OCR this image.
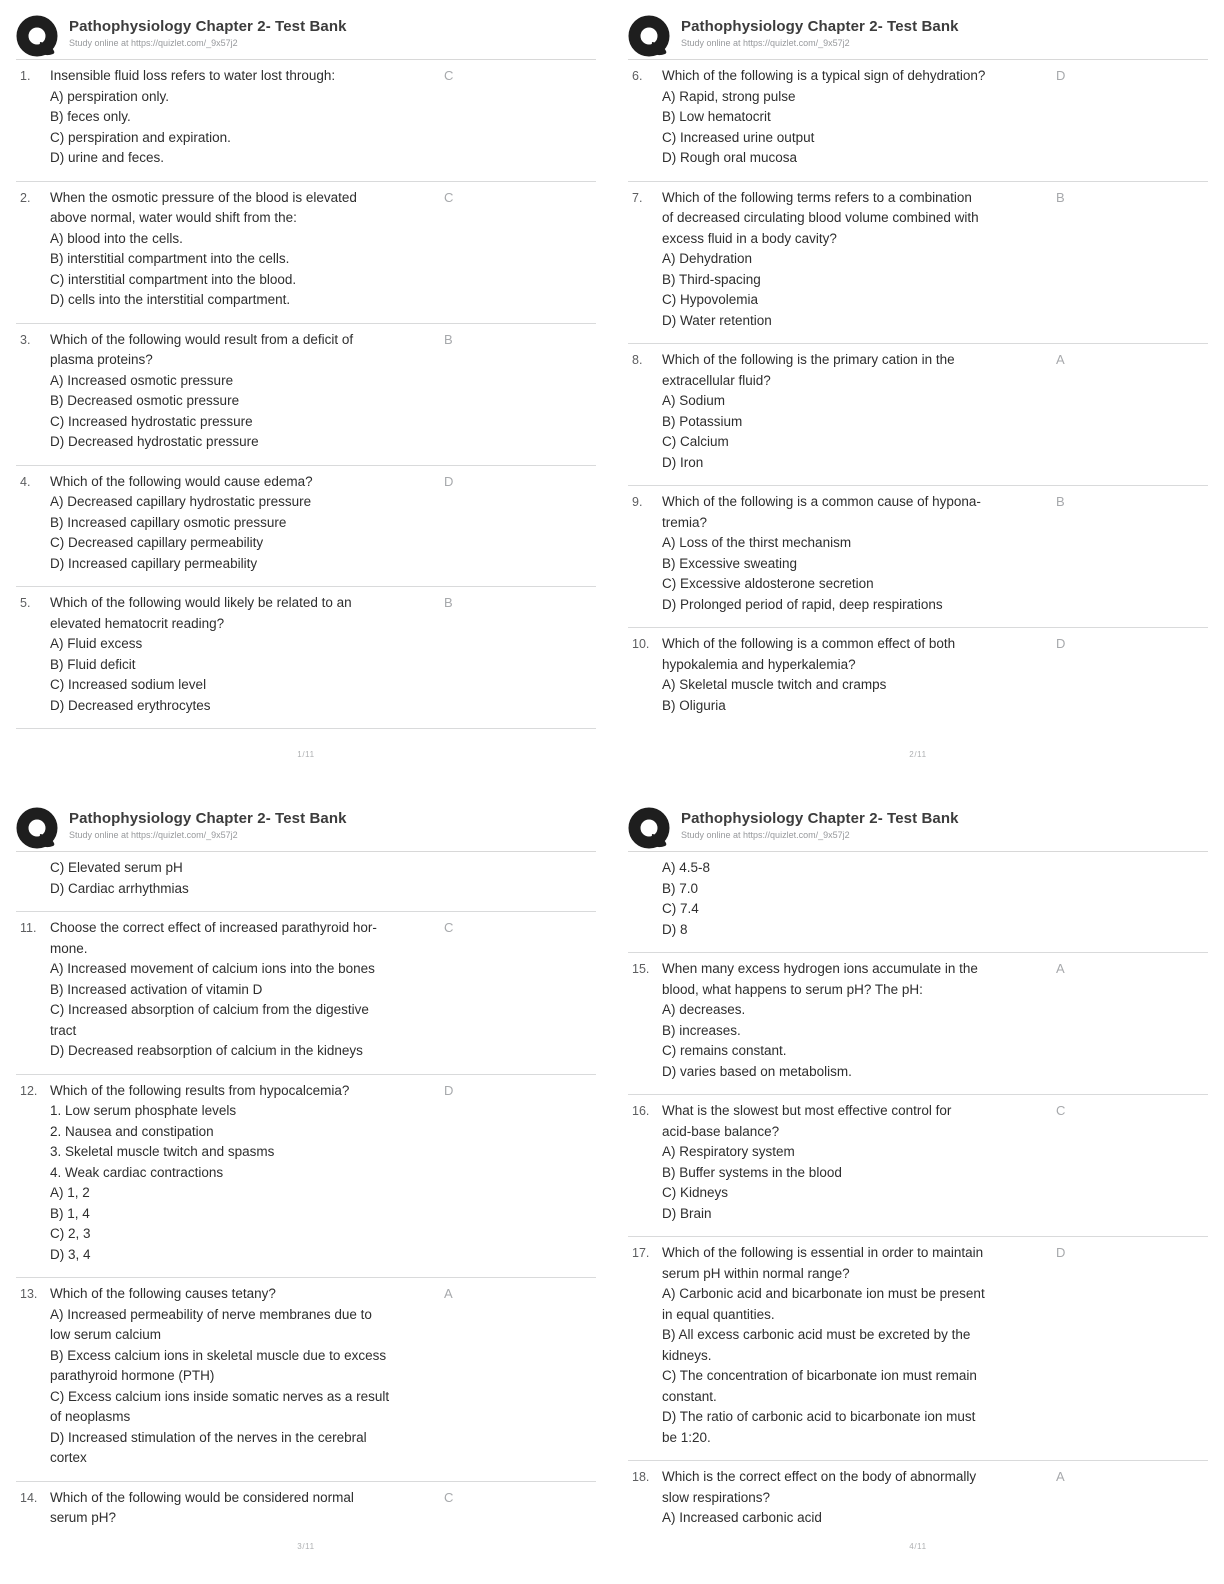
Pathophysiology Chapter 2- Test Bank
Study online at https://quizlet.com/_9x57j2
1.	Insensible fluid loss refers to water lost through:
A) perspiration only.
B) feces only.
C) perspiration and expiration.
D) urine and feces.
C
2.	When the osmotic pressure of the blood is elevated
above normal, water would shift from the:
A) blood into the cells.
B) interstitial compartment into the cells.
C) interstitial compartment into the blood.
D) cells into the interstitial compartment.
C
3.	Which of the following would result from a deficit of
plasma proteins?
A) Increased osmotic pressure
B) Decreased osmotic pressure
C) Increased hydrostatic pressure
D) Decreased hydrostatic pressure
B
4.	Which of the following would cause edema?
A) Decreased capillary hydrostatic pressure
B) Increased capillary osmotic pressure
C) Decreased capillary permeability
D) Increased capillary permeability
D
5.	Which of the following would likely be related to an
elevated hematocrit reading?
A) Fluid excess
B) Fluid deficit
C) Increased sodium level
D) Decreased erythrocytes
B
1/11
Pathophysiology Chapter 2- Test Bank
Study online at https://quizlet.com/_9x57j2
6.	Which of the following is a typical sign of dehydration?
A) Rapid, strong pulse
B) Low hematocrit
C) Increased urine output
D) Rough oral mucosa
D
7.	Which of the following terms refers to a combination
of decreased circulating blood volume combined with
excess fluid in a body cavity?
A) Dehydration
B) Third-spacing
C) Hypovolemia
D) Water retention
B
8.	Which of the following is the primary cation in the
extracellular fluid?
A) Sodium
B) Potassium
C) Calcium
D) Iron
A
9.	Which of the following is a common cause of hypona-
tremia?
A) Loss of the thirst mechanism
B) Excessive sweating
C) Excessive aldosterone secretion
D) Prolonged period of rapid, deep respirations
B
10. Which of the following is a common effect of both
hypokalemia and hyperkalemia?
A) Skeletal muscle twitch and cramps
B) Oliguria
D
2/11
Pathophysiology Chapter 2- Test Bank
Study online at https://quizlet.com/_9x57j2
C) Elevated serum pH
D) Cardiac arrhythmias
11.	Choose the correct effect of increased parathyroid hor-
mone.
A) Increased movement of calcium ions into the bones
B) Increased activation of vitamin D
C) Increased absorption of calcium from the digestive
tract
D) Decreased reabsorption of calcium in the kidneys
C
12. Which of the following results from hypocalcemia?
1. Low serum phosphate levels
2. Nausea and constipation
3. Skeletal muscle twitch and spasms
4. Weak cardiac contractions
A) 1, 2
B) 1, 4
C) 2, 3
D) 3, 4
D
13. Which of the following causes tetany?
A) Increased permeability of nerve membranes due to
low serum calcium
B) Excess calcium ions in skeletal muscle due to excess
parathyroid hormone (PTH)
C) Excess calcium ions inside somatic nerves as a result
of neoplasms
D) Increased stimulation of the nerves in the cerebral
cortex
A
14. Which of the following would be considered normal
serum pH?
C
3/11
Pathophysiology Chapter 2- Test Bank
Study online at https://quizlet.com/_9x57j2
A) 4.5-8
B) 7.0
C) 7.4
D) 8
15. When many excess hydrogen ions accumulate in the
blood, what happens to serum pH? The pH:
A) decreases.
B) increases.
C) remains constant.
D) varies based on metabolism.
A
16. What is the slowest but most effective control for
acid-base balance?
A) Respiratory system
B) Buffer systems in the blood
C) Kidneys
D) Brain
C
17. Which of the following is essential in order to maintain
serum pH within normal range?
A) Carbonic acid and bicarbonate ion must be present
in equal quantities.
B) All excess carbonic acid must be excreted by the
kidneys.
C) The concentration of bicarbonate ion must remain
constant.
D) The ratio of carbonic acid to bicarbonate ion must
be 1:20.
D
18. Which is the correct effect on the body of abnormally
slow respirations?
A) Increased carbonic acid
A
4/11
